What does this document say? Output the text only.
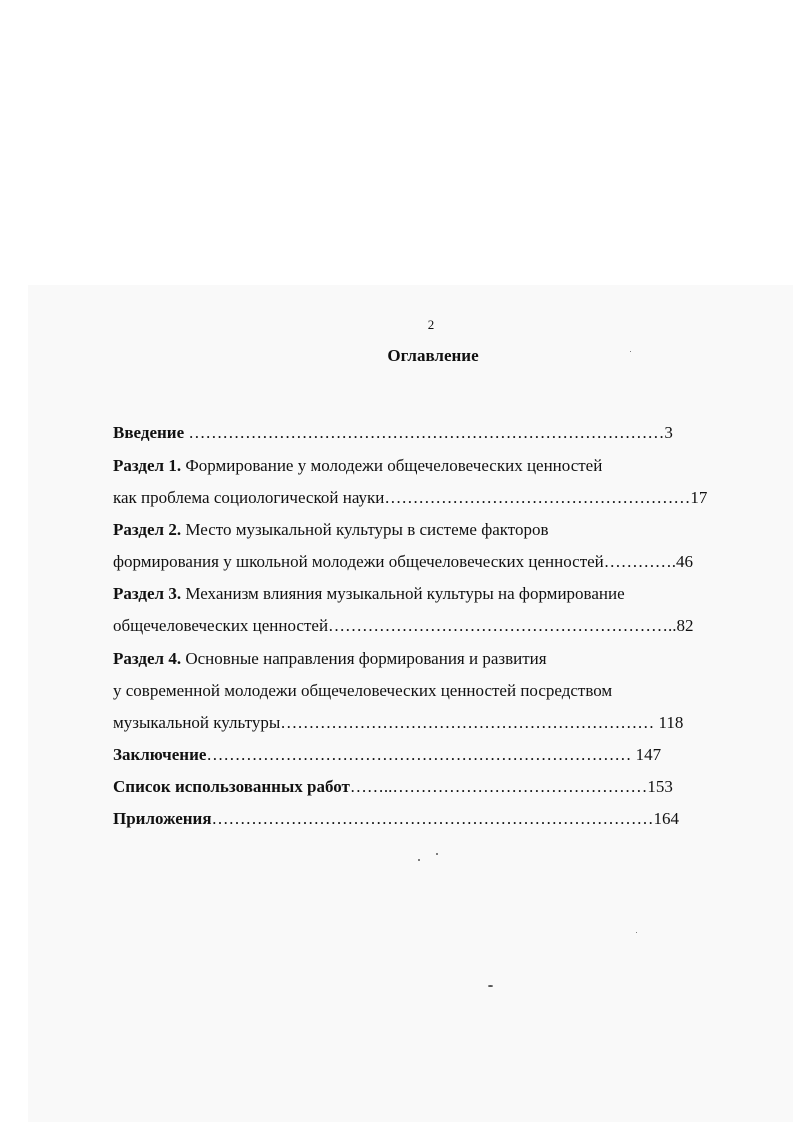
2
Оглавление
Введение …………………………………………………………………………3
Раздел 1. Формирование у молодежи общечеловеческих ценностей
как проблема социологической науки………………………………………………17
Раздел 2. Место музыкальной культуры в системе факторов
формирования у школьной молодежи общечеловеческих ценностей………….46
Раздел 3. Механизм влияния музыкальной культуры на формирование
общечеловеческих ценностей……………………………………………………..82
Раздел 4. Основные направления формирования и развития
у современной молодежи общечеловеческих ценностей посредством
музыкальной культуры………………………………………………………… 118
Заключение………………………………………………………………… 147
Список использованных работ……..………………………………………153
Приложения……………………………………………………………………164
